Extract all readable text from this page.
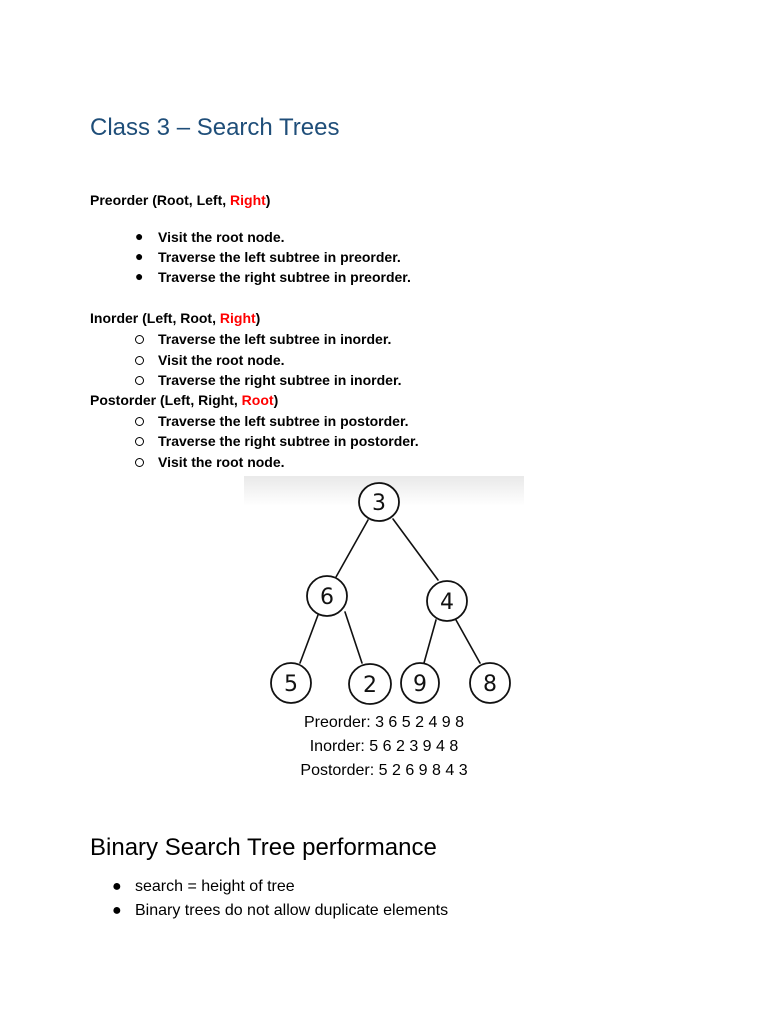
Class 3 – Search Trees
Preorder (Root, Left, Right)
● Visit the root node.
● Traverse the left subtree in preorder.
● Traverse the right subtree in preorder.
Inorder (Left, Root, Right)
Traverse the left subtree in inorder.
Visit the root node.
Traverse the right subtree in inorder.
Postorder (Left, Right, Root)
Traverse the left subtree in postorder.
Traverse the right subtree in postorder.
Visit the root node.
3
6	4
5	2 9	8
Preorder: 3 6 5 2 4 9 8
Inorder: 5 6 2 3 9 4 8
Postorder: 5 2 6 9 8 4 3
Binary Search Tree performance
● search = height of tree
● Binary trees do not allow duplicate elements
